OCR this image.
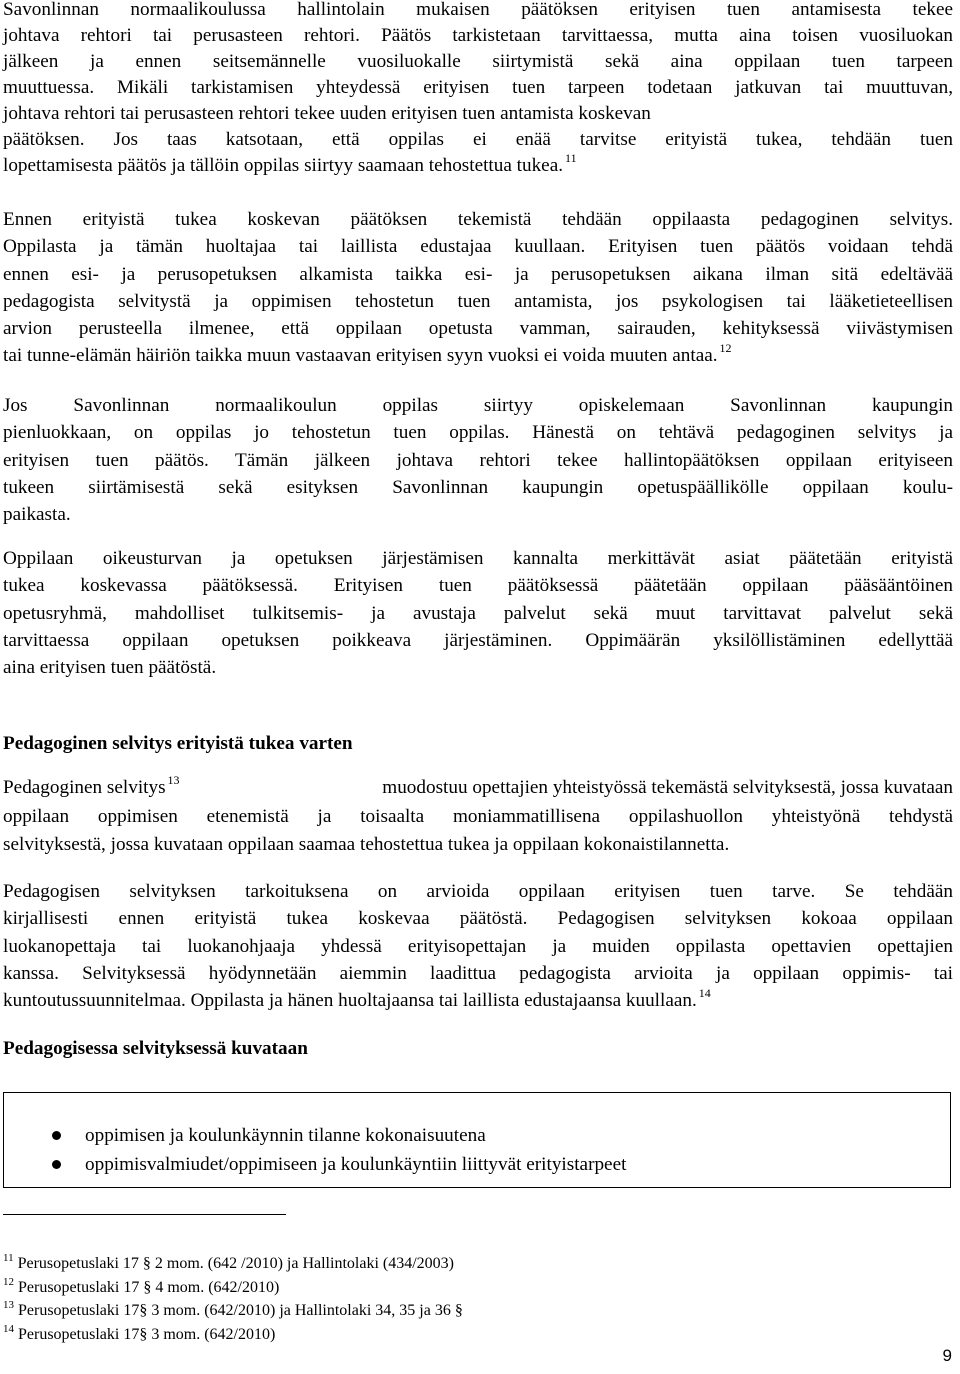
Savonlinnan normaalikoulussa hallintolain mukaisen päätöksen erityisen tuen antamisesta tekee

johtava rehtori tai perusasteen rehtori. Päätös tarkistetaan tarvittaessa, mutta aina toisen vuosiluokan

jälkeen ja ennen seitsemännelle vuosiluokalle siirtymistä sekä aina oppilaan tuen tarpeen

muuttuessa. Mikäli tarkistamisen yhteydessä erityisen tuen tarpeen todetaan jatkuvan tai muuttuvan,

johtava rehtori tai perusasteen rehtori tekee uuden erityisen tuen antamista koskevan

päätöksen. Jos taas katsotaan, että oppilas ei enää tarvitse erityistä tukea, tehdään tuen

lopettamisesta päätös ja tällöin oppilas siirtyy saamaan tehostettua tukea. $^{11}$

Ennen erityistä tukea koskevan päätöksen tekemistä tehdään oppilaasta pedagoginen selvitys.

Oppilasta ja tämän huoltajaa tai laillista edustajaa kuullaan. Erityisen tuen päätös voidaan tehdä

ennen esi- ja perusopetuksen alkamista taikka esi- ja perusopetuksen aikana ilman sitä edeltävää

pedagogista selvitystä ja oppimisen tehostetun tuen antamista, jos psykologisen tai lääketieteellisen

arvion perusteella ilmenee, että oppilaan opetusta vamman, sairauden, kehityksessä viivästymisen

tai tunne-elämän häiriön taikka muun vastaavan erityisen syyn vuoksi ei voida muuten antaa. $^{12}$

Jos Savonlinnan normaalikoulun oppilas siirtyy opiskelemaan Savonlinnan kaupungin

pienluokkaan, on oppilas jo tehostetun tuen oppilas. Hänestä on tehtävä pedagoginen selvitys ja

erityisen tuen päätös. Tämän jälkeen johtava rehtori tekee hallintopäätöksen oppilaan erityiseen

tukeen siirtämisestä sekä esityksen Savonlinnan kaupungin opetuspäällikölle oppilaan koulu-

paikasta.

Oppilaan oikeusturvan ja opetuksen järjestämisen kannalta merkittävät asiat päätetään erityistä

tukea koskevassa päätöksessä. Erityisen tuen päätöksessä päätetään oppilaan pääsääntöinen

opetusryhmä, mahdolliset tulkitsemis- ja avustaja palvelut sekä muut tarvittavat palvelut sekä

tarvittaessa oppilaan opetuksen poikkeava järjestäminen. Oppimäärän yksilöllistäminen edellyttää

aina erityisen tuen päätöstä.

Pedagoginen selvitys erityistä tukea varten

Pedagoginen selvitys $^{13}$	muodostuu opettajien yhteistyössä tekemästä selvityksestä, jossa kuvataan

oppilaan oppimisen etenemistä ja toisaalta moniammatillisena oppilashuollon yhteistyönä tehdystä

selvityksestä, jossa kuvataan oppilaan saamaa tehostettua tukea ja oppilaan kokonaistilannetta.

Pedagogisen selvityksen tarkoituksena on arvioida oppilaan erityisen tuen tarve. Se tehdään

kirjallisesti ennen erityistä tukea koskevaa päätöstä. Pedagogisen selvityksen kokoaa oppilaan

luokanopettaja tai luokanohjaaja yhdessä erityisopettajan ja muiden oppilasta opettavien opettajien

kanssa. Selvityksessä hyödynnetään aiemmin laadittua pedagogista arvioita ja oppilaan oppimis- tai

kuntoutussuunnitelmaa. Oppilasta ja hänen huoltajaansa tai laillista edustajaansa kuullaan. $^{14}$

Pedagogisessa selvityksessä kuvataan
oppimisen ja koulunkäynnin tilanne kokonaisuutena
oppimisvalmiudet/oppimiseen ja koulunkäyntiin liittyvät erityistarpeet
$^{11}$ Perusopetuslaki 17 § 2 mom. (642 /2010) ja Hallintolaki (434/2003)
$^{12}$ Perusopetuslaki 17 § 4 mom. (642/2010)
$^{13}$ Perusopetuslaki 17§ 3 mom. (642/2010) ja Hallintolaki 34, 35 ja 36 §
$^{14}$ Perusopetuslaki 17§ 3 mom. (642/2010)
9
